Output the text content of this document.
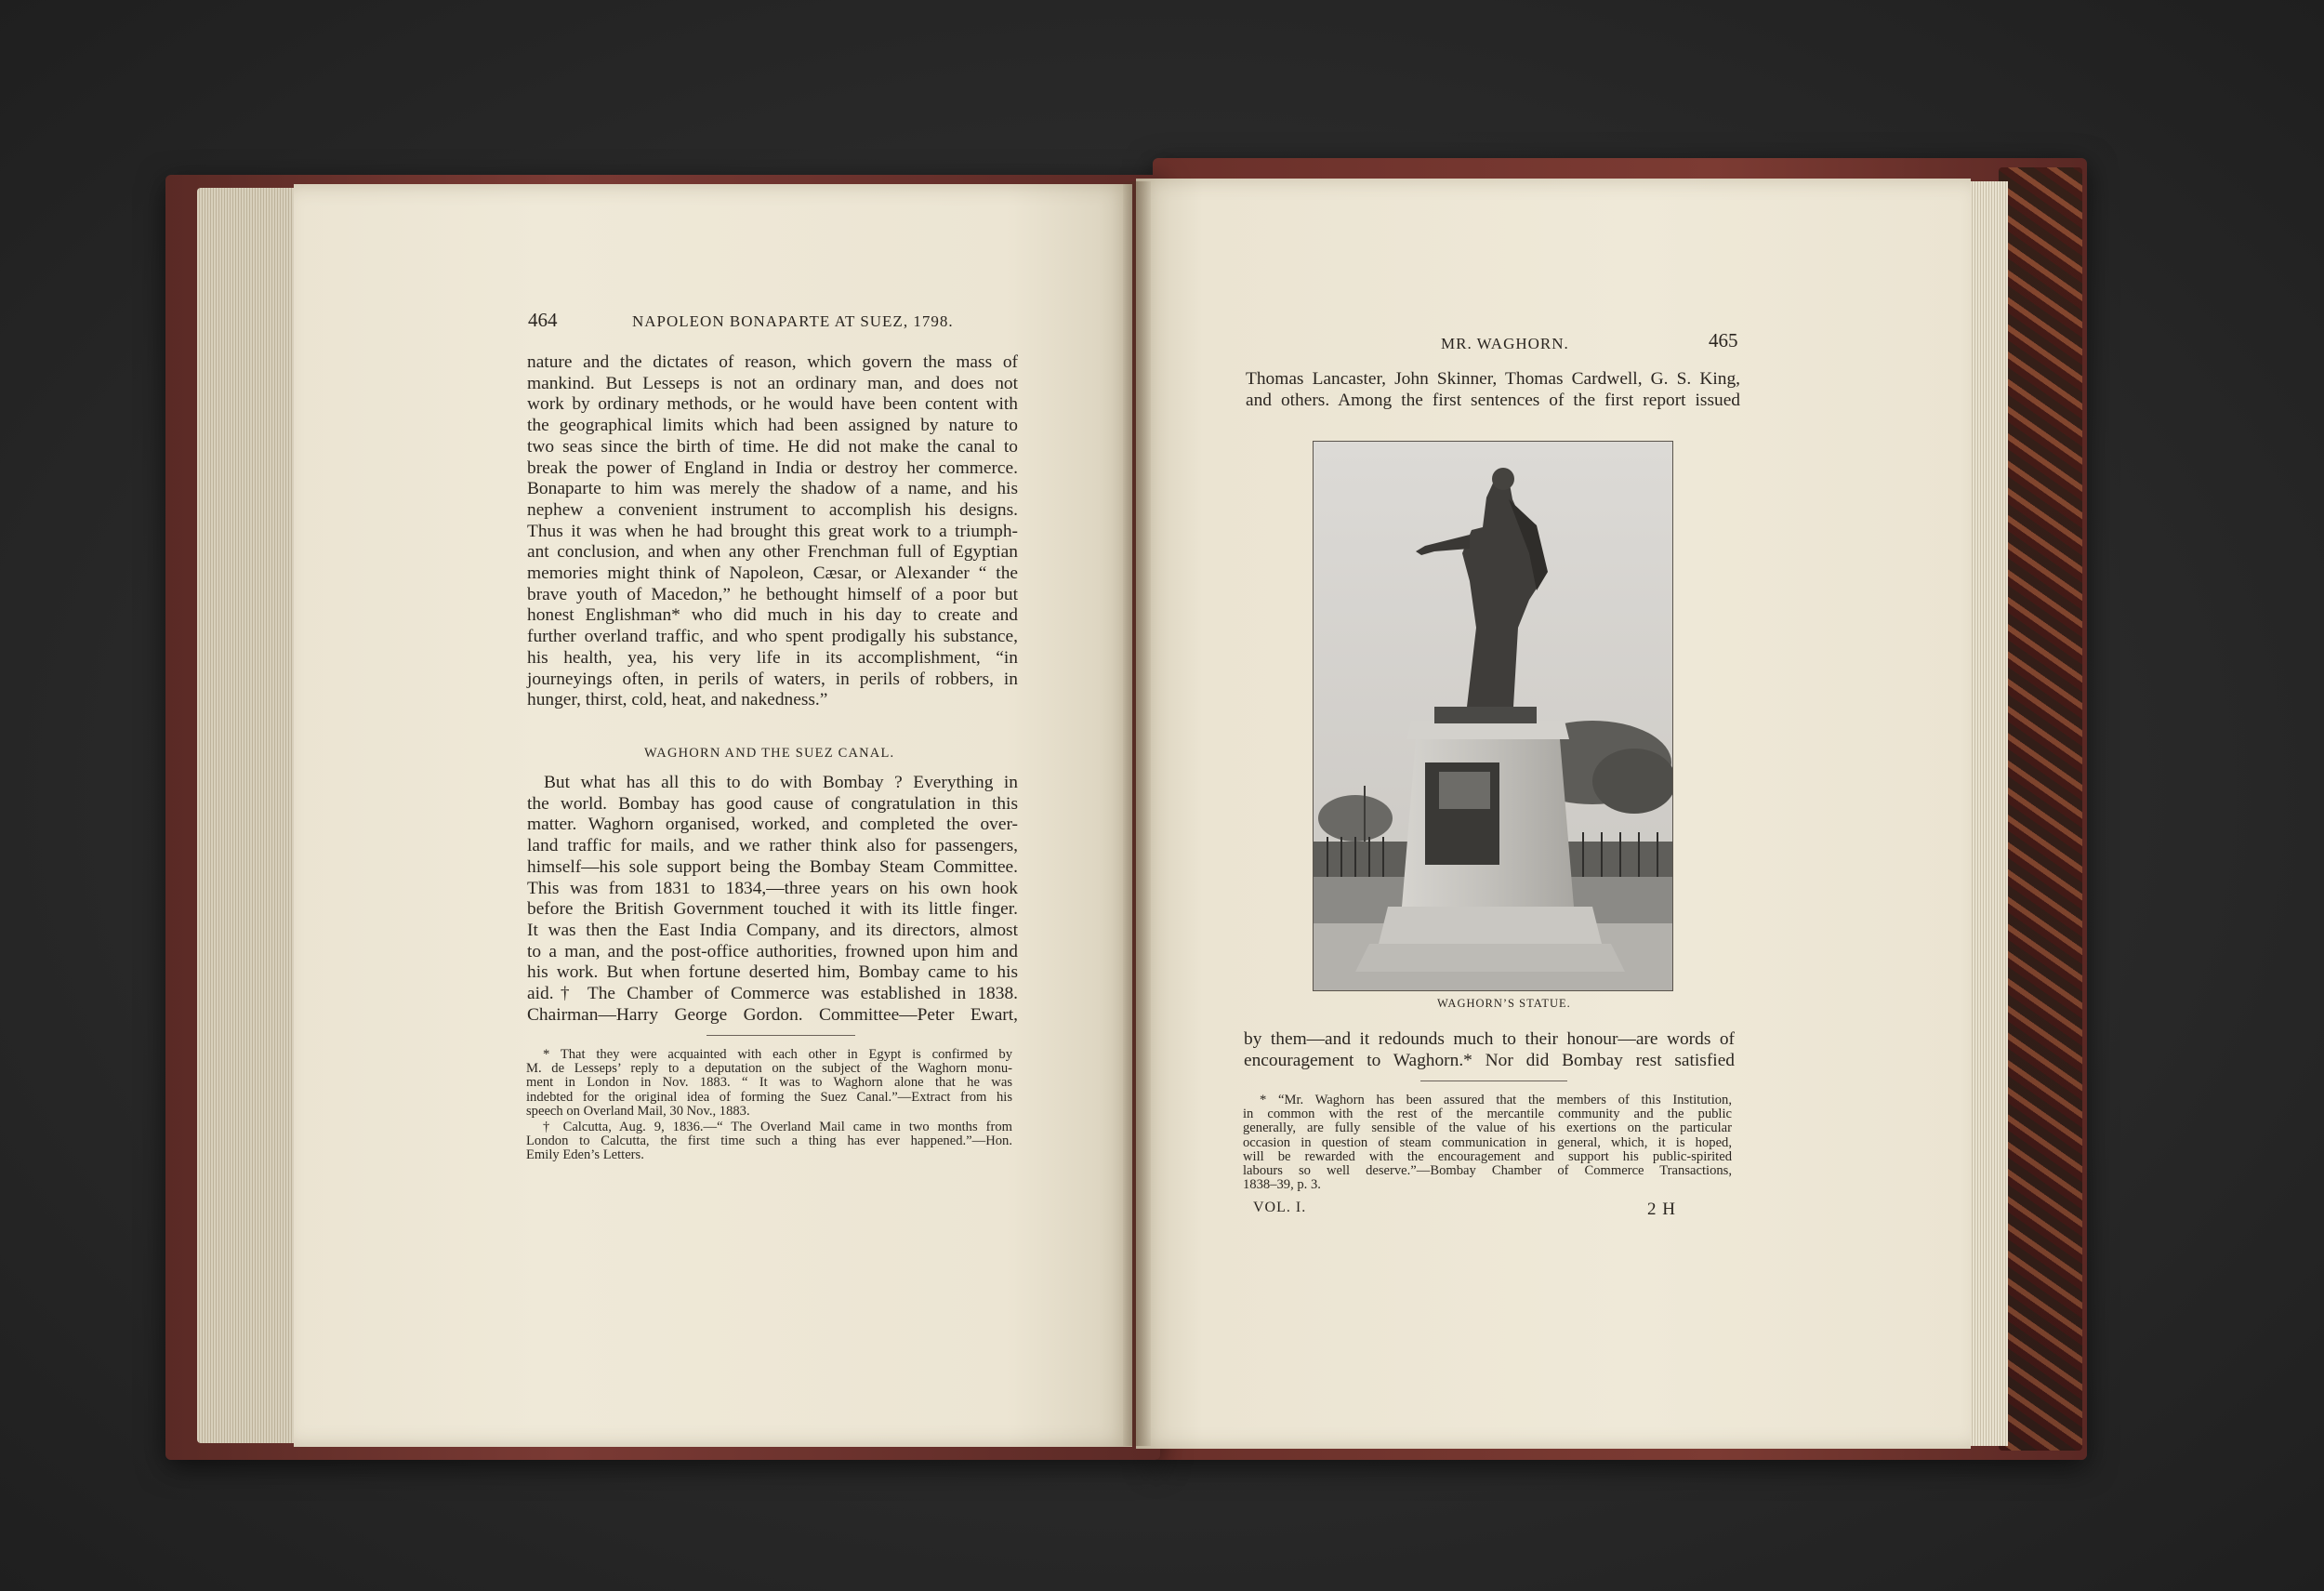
464	NAPOLEON BONAPARTE AT SUEZ, 1798.
nature and the dictates of reason, which govern the mass of
mankind. But Lesseps is not an ordinary man, and does not
work by ordinary methods, or he would have been content with
the geographical limits which had been assigned by nature to
two seas since the birth of time. He did not make the canal to
break the power of England in India or destroy her commerce.
Bonaparte to him was merely the shadow of a name, and his
nephew a convenient instrument to accomplish his designs.
Thus it was when he had brought this great work to a triumph-
ant conclusion, and when any other Frenchman full of Egyptian
memories might think of Napoleon, Cæsar, or Alexander “ the
brave youth of Macedon,” he bethought himself of a poor but
honest Englishman* who did much in his day to create and
further overland traffic, and who spent prodigally his substance,
his health, yea, his very life in its accomplishment, “in
journeyings often, in perils of waters, in perils of robbers, in
hunger, thirst, cold, heat, and nakedness.”
WAGHORN AND THE SUEZ CANAL.
But what has all this to do with Bombay ? Everything in
the world. Bombay has good cause of congratulation in this
matter. Waghorn organised, worked, and completed the over-
land traffic for mails, and we rather think also for passengers,
himself—his sole support being the Bombay Steam Committee.
This was from 1831 to 1834,—three years on his own hook
before the British Government touched it with its little finger.
It was then the East India Company, and its directors, almost
to a man, and the post-office authorities, frowned upon him and
his work. But when fortune deserted him, Bombay came to his
aid.† The Chamber of Commerce was established in 1838.
Chairman—Harry George Gordon. Committee—Peter Ewart,
* That they were acquainted with each other in Egypt is confirmed by
M. de Lesseps’ reply to a deputation on the subject of the Waghorn monu-
ment in London in Nov. 1883. “ It was to Waghorn alone that he was
indebted for the original idea of forming the Suez Canal.”—Extract from his
speech on Overland Mail, 30 Nov., 1883.
† Calcutta, Aug. 9, 1836.—“ The Overland Mail came in two months from
London to Calcutta, the first time such a thing has ever happened.”—Hon.
Emily Eden’s Letters.
MR. WAGHORN.	465
Thomas Lancaster, John Skinner, Thomas Cardwell, G. S. King,
and others. Among the first sentences of the first report issued
WAGHORN’S STATUE.
by them—and it redounds much to their honour—are words of
encouragement to Waghorn.* Nor did Bombay rest satisfied
* “Mr. Waghorn has been assured that the members of this Institution,
in common with the rest of the mercantile community and the public
generally, are fully sensible of the value of his exertions on the particular
occasion in question of steam communication in general, which, it is hoped,
will be rewarded with the encouragement and support his public-spirited
labours so well deserve.”—Bombay Chamber of Commerce Transactions,
1838–39, p. 3.
VOL. I.	2 H
